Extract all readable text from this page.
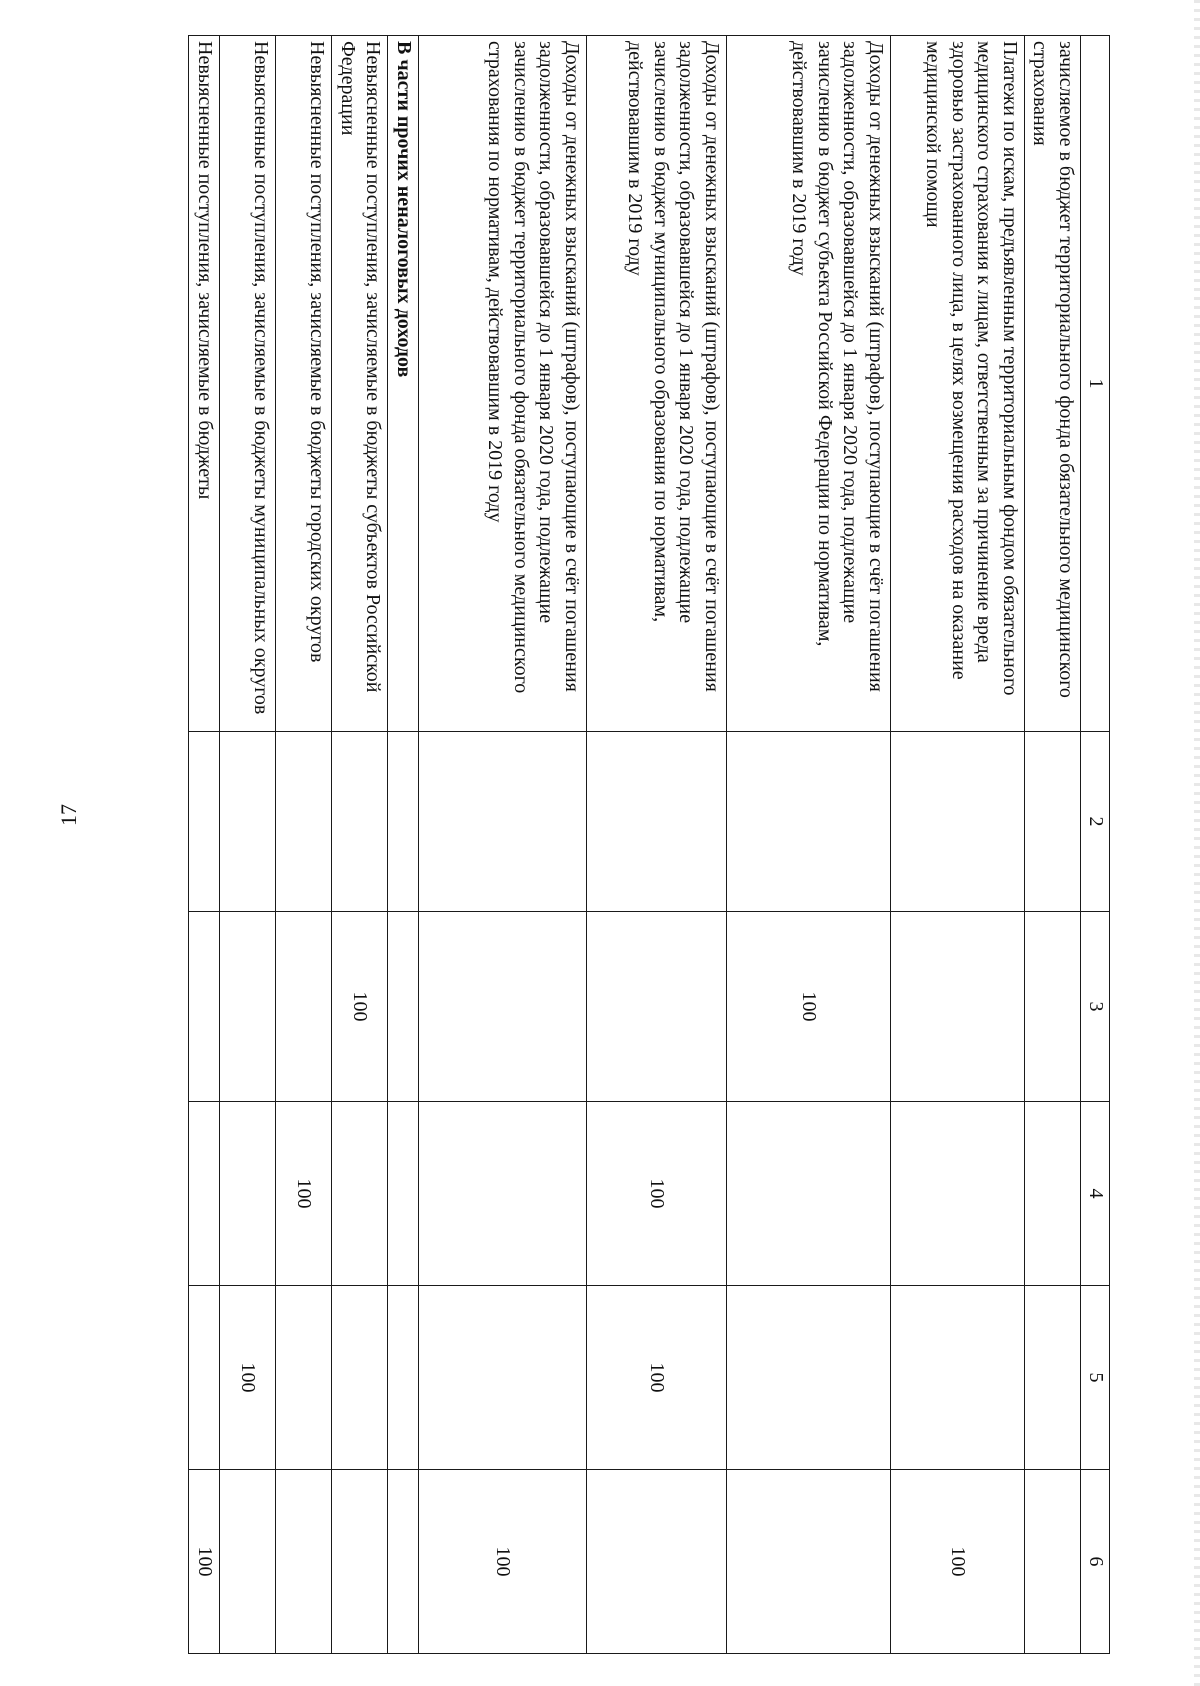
17
1	2	3	4	5	6
зачисляемое в бюджет территориального фонда обязательного медицинского страхования					
Платежи по искам, предъявленным территориальным фондом обязательного медицинского страхования к лицам, ответственным за причинение вреда здоровью застрахованного лица, в целях возмещения расходов на оказание медицинской помощи					100
Доходы от денежных взысканий (штрафов), поступающие в счёт погашения задолженности, образовавшейся до 1 января 2020 года, подлежащие зачислению в бюджет субъекта Российской Федерации по нормативам, действовавшим в 2019 году		100			
Доходы от денежных взысканий (штрафов), поступающие в счёт погашения задолженности, образовавшейся до 1 января 2020 года, подлежащие зачислению в бюджет муниципального образования по нормативам, действовавшим в 2019 году			100	100	
Доходы от денежных взысканий (штрафов), поступающие в счёт погашения задолженности, образовавшейся до 1 января 2020 года, подлежащие зачислению в бюджет территориального фонда обязательного медицинского страхования по нормативам, действовавшим в 2019 году					100
В части прочих неналоговых доходов					
Невыясненные поступления, зачисляемые в бюджеты субъектов Российской Федерации		100			
Невыясненные поступления, зачисляемые в бюджеты городских округов			100		
Невыясненные поступления, зачисляемые в бюджеты муниципальных округов				100	
Невыясненные поступления, зачисляемые в бюджеты					100
